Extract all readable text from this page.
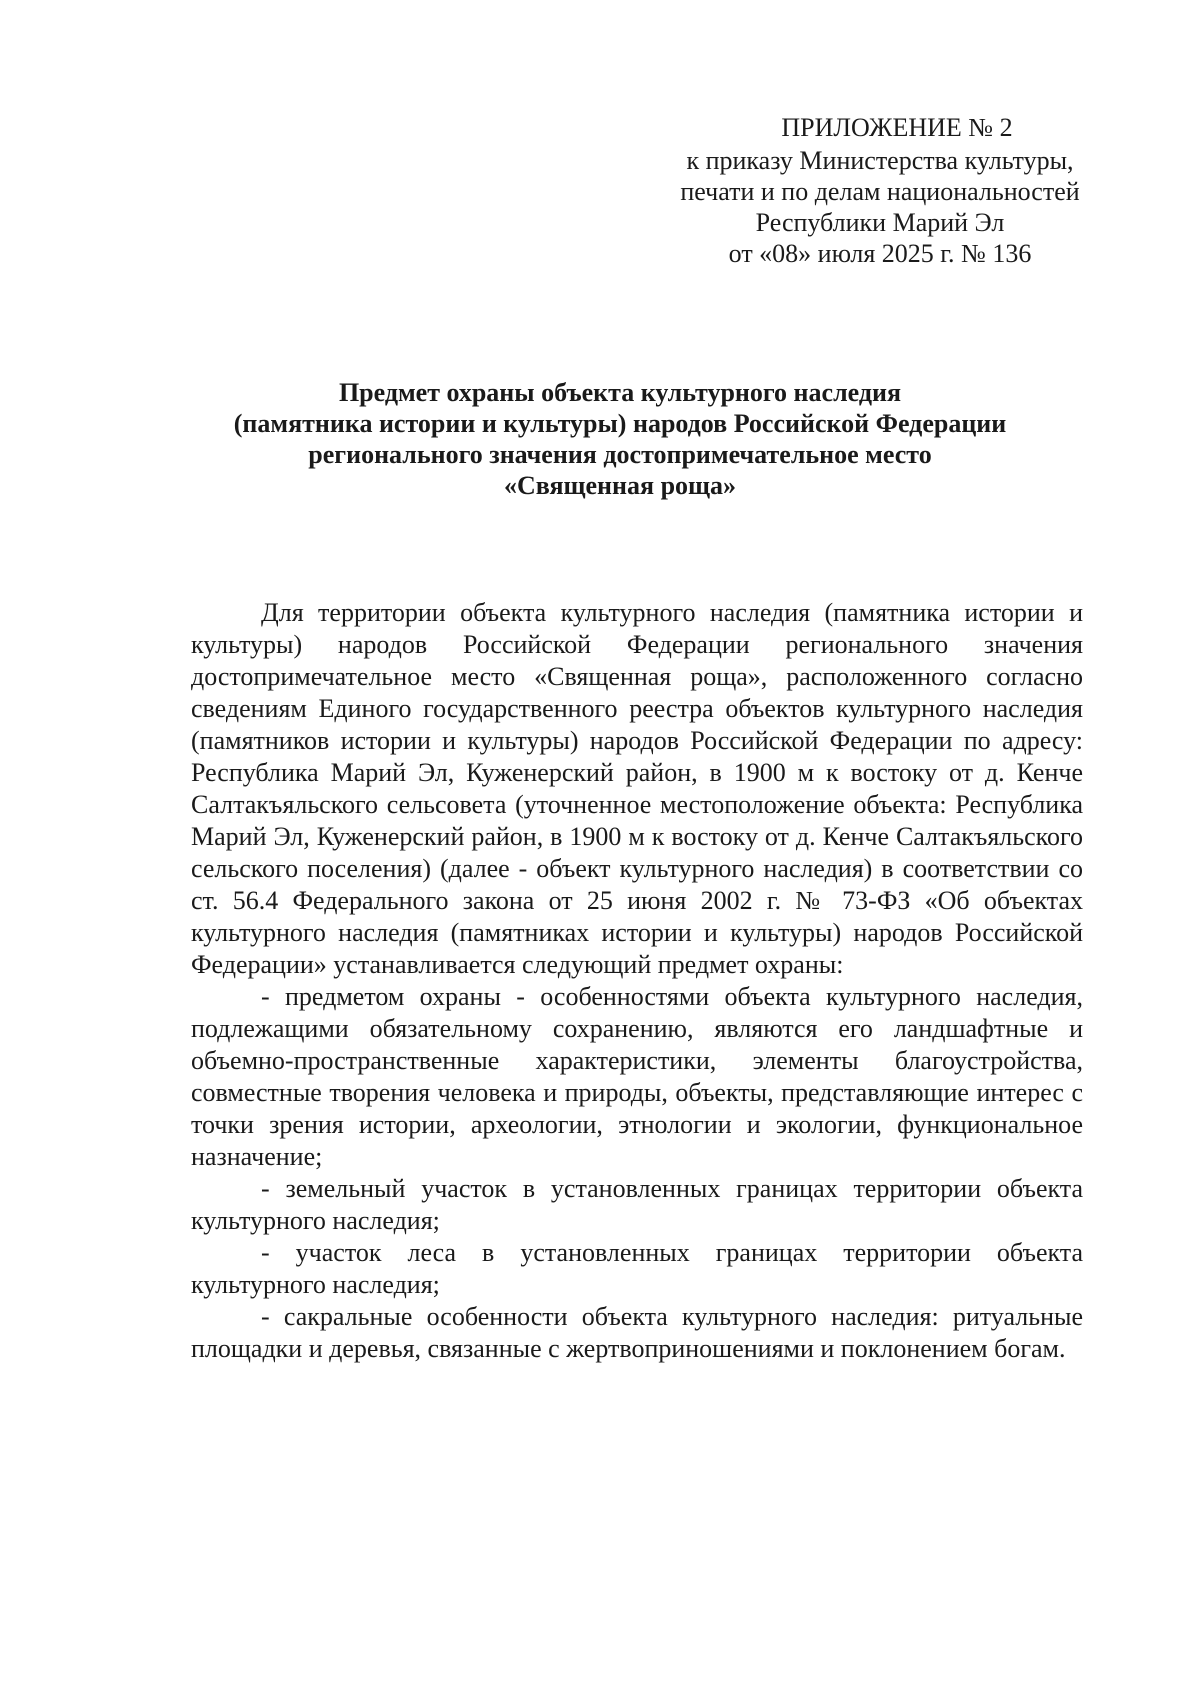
ПРИЛОЖЕНИЕ № 2
к приказу Министерства культуры,
печати и по делам национальностей
Республики Марий Эл
от «08» июля 2025 г. № 136
Предмет охраны объекта культурного наследия
(памятника истории и культуры) народов Российской Федерации
регионального значения достопримечательное место
«Священная роща»

Для территории объекта культурного наследия (памятника истории и культуры) народов Российской Федерации регионального значения достопримечательное место «Священная роща», расположенного согласно сведениям Единого государственного реестра объектов культурного наследия (памятников истории и культуры) народов Российской Федерации по адресу: Республика Марий Эл, Куженерский район, в 1900 м к востоку от д. Кенче Салтакъяльского сельсовета (уточненное местоположение объекта: Республика Марий Эл, Куженерский район, в 1900 м к востоку от д. Кенче Салтакъяльского сельского поселения) (далее - объект культурного наследия) в соответствии со ст. 56.4 Федерального закона от 25 июня 2002 г. № 73-ФЗ «Об объектах культурного наследия (памятниках истории и культуры) народов Российской Федерации» устанавливается следующий предмет охраны:

- предметом охраны - особенностями объекта культурного наследия, подлежащими обязательному сохранению, являются его ландшафтные и объемно-пространственные характеристики, элементы благоустройства, совместные творения человека и природы, объекты, представляющие интерес с точки зрения истории, археологии, этнологии и экологии, функциональное назначение;

- земельный участок в установленных границах территории объекта культурного наследия;

- участок леса в установленных границах территории объекта культурного наследия;

- сакральные особенности объекта культурного наследия: ритуальные площадки и деревья, связанные с жертвоприношениями и поклонением богам.
